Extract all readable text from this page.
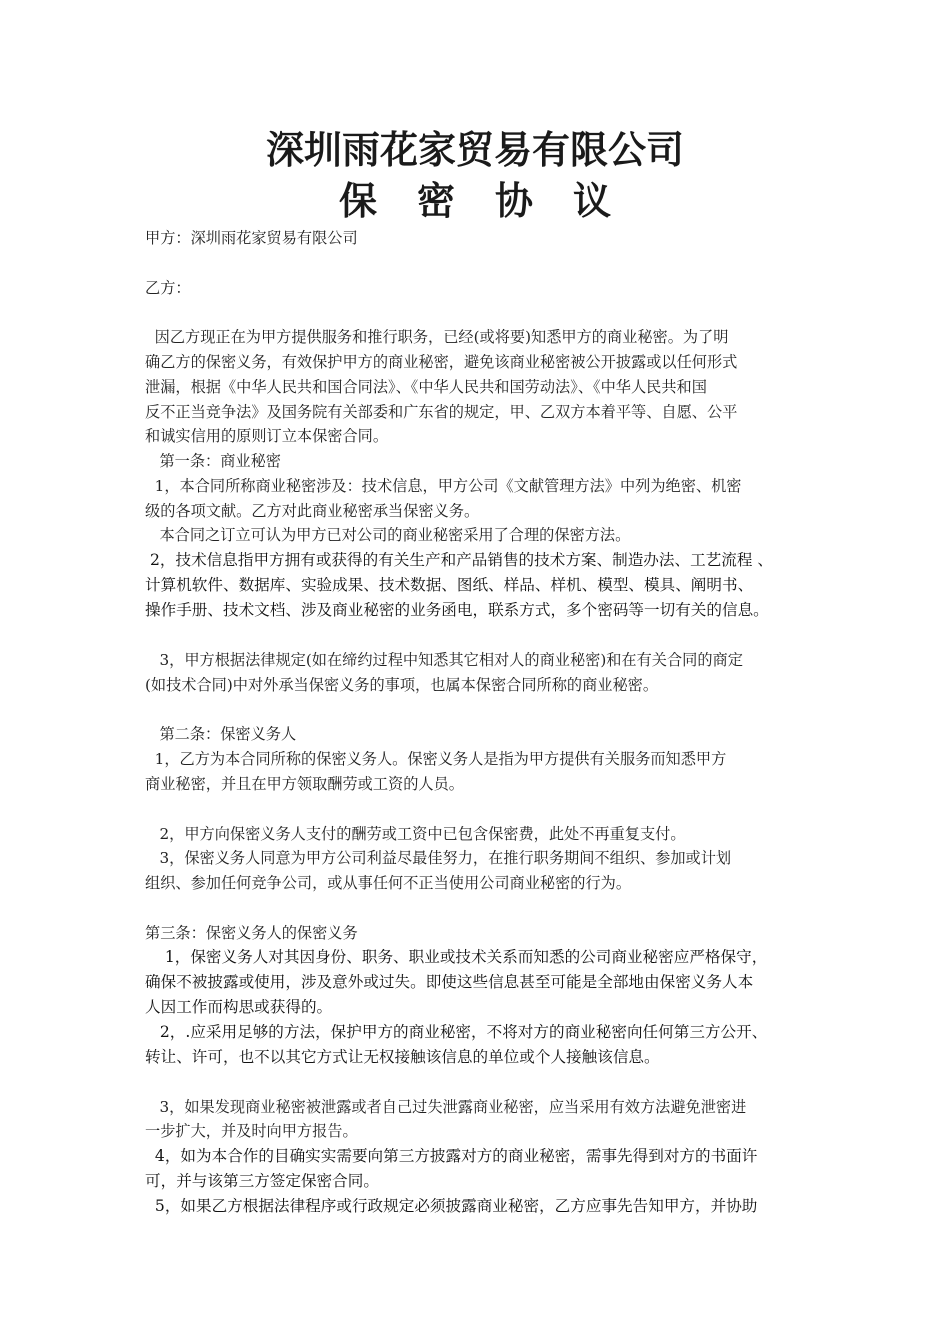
深圳雨花家贸易有限公司
保密协议
甲方：深圳雨花家贸易有限公司
乙方：
因乙方现正在为甲方提供服务和推行职务，已经(或将要)知悉甲方的商业秘密。为了明
确乙方的保密义务，有效保护甲方的商业秘密，避免该商业秘密被公开披露或以任何形式
泄漏，根据《中华人民共和国合同法》、《中华人民共和国劳动法》、《中华人民共和国
反不正当竞争法》及国务院有关部委和广东省的规定，甲、乙双方本着平等、自愿、公平
和诚实信用的原则订立本保密合同。
第一条：商业秘密
1，本合同所称商业秘密涉及：技术信息，甲方公司《文献管理方法》中列为绝密、机密
级的各项文献。乙方对此商业秘密承当保密义务。
本合同之订立可认为甲方已对公司的商业秘密采用了合理的保密方法。
2，技术信息指甲方拥有或获得的有关生产和产品销售的技术方案、制造办法、工艺流程 、
计算机软件、数据库、实验成果、技术数据、图纸、样品、样机、模型、模具、阐明书、
操作手册、技术文档、涉及商业秘密的业务函电，联系方式，多个密码等一切有关的信息。
3，甲方根据法律规定(如在缔约过程中知悉其它相对人的商业秘密)和在有关合同的商定
(如技术合同)中对外承当保密义务的事项，也属本保密合同所称的商业秘密。
第二条：保密义务人
1，乙方为本合同所称的保密义务人。保密义务人是指为甲方提供有关服务而知悉甲方
商业秘密，并且在甲方领取酬劳或工资的人员。
2，甲方向保密义务人支付的酬劳或工资中已包含保密费，此处不再重复支付。
3，保密义务人同意为甲方公司利益尽最佳努力，在推行职务期间不组织、参加或计划
组织、参加任何竞争公司，或从事任何不正当使用公司商业秘密的行为。
第三条：保密义务人的保密义务
1，保密义务人对其因身份、职务、职业或技术关系而知悉的公司商业秘密应严格保守，
确保不被披露或使用，涉及意外或过失。即使这些信息甚至可能是全部地由保密义务人本
人因工作而构思或获得的。
2，.应采用足够的方法，保护甲方的商业秘密，不将对方的商业秘密向任何第三方公开、
转让、许可，也不以其它方式让无权接触该信息的单位或个人接触该信息。
3，如果发现商业秘密被泄露或者自己过失泄露商业秘密，应当采用有效方法避免泄密进
一步扩大，并及时向甲方报告。
4，如为本合作的目确实实需要向第三方披露对方的商业秘密，需事先得到对方的书面许
可，并与该第三方签定保密合同。
5，如果乙方根据法律程序或行政规定必须披露商业秘密，乙方应事先告知甲方，并协助
